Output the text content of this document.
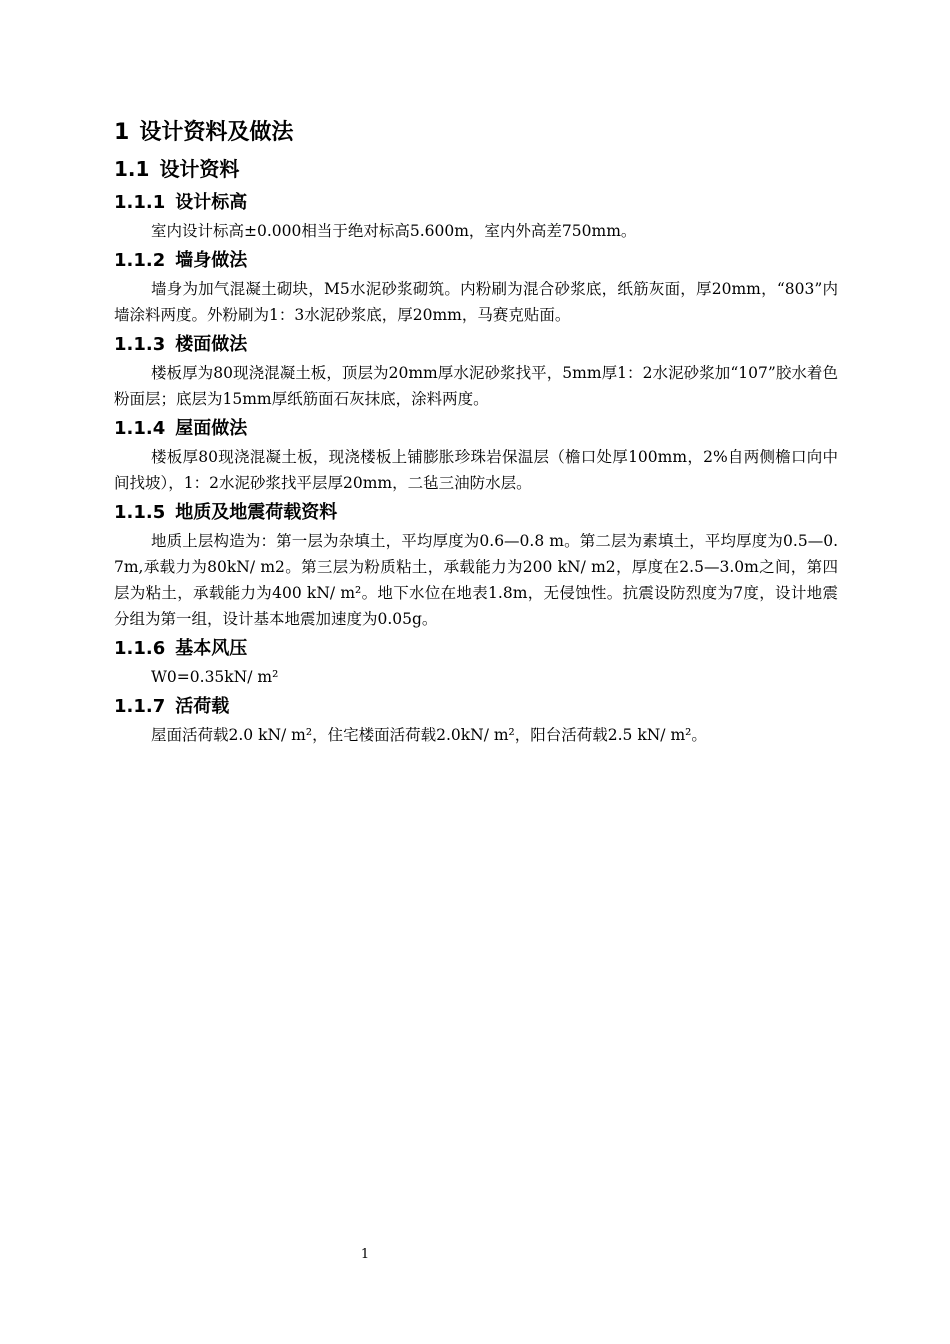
1 设计资料及做法
1.1 设计资料
1.1.1 设计标高

室内设计标高±0.000相当于绝对标高5.600m，室内外高差750mm。

1.1.2 墙身做法

墙身为加气混凝土砌块，M5水泥砂浆砌筑。内粉刷为混合砂浆底，纸筋灰面，厚20mm，“803”内墙涂料两度。外粉刷为1：3水泥砂浆底，厚20mm，马赛克贴面。

1.1.3 楼面做法

楼板厚为80现浇混凝土板，顶层为20mm厚水泥砂浆找平，5mm厚1：2水泥砂浆加“107”胶水着色粉面层；底层为15mm厚纸筋面石灰抹底，涂料两度。

1.1.4 屋面做法

楼板厚80现浇混凝土板，现浇楼板上铺膨胀珍珠岩保温层（檐口处厚100mm，2%自两侧檐口向中间找坡），1：2水泥砂浆找平层厚20mm，二毡三油防水层。

1.1.5 地质及地震荷载资料

地质上层构造为：第一层为杂填土，平均厚度为0.6—0.8 m。第二层为素填土，平均厚度为0.5—0.7m,承载力为80kN/ m2。第三层为粉质粘土，承载能力为200 kN/ m2，厚度在2.5—3.0m之间，第四层为粘土，承载能力为400 kN/ m²。地下水位在地表1.8m，无侵蚀性。抗震设防烈度为7度，设计地震分组为第一组，设计基本地震加速度为0.05g。

1.1.6 基本风压

W0=0.35kN/ m²

1.1.7 活荷载

屋面活荷载2.0 kN/ m²，住宅楼面活荷载2.0kN/ m²，阳台活荷载2.5 kN/ m²。

1
